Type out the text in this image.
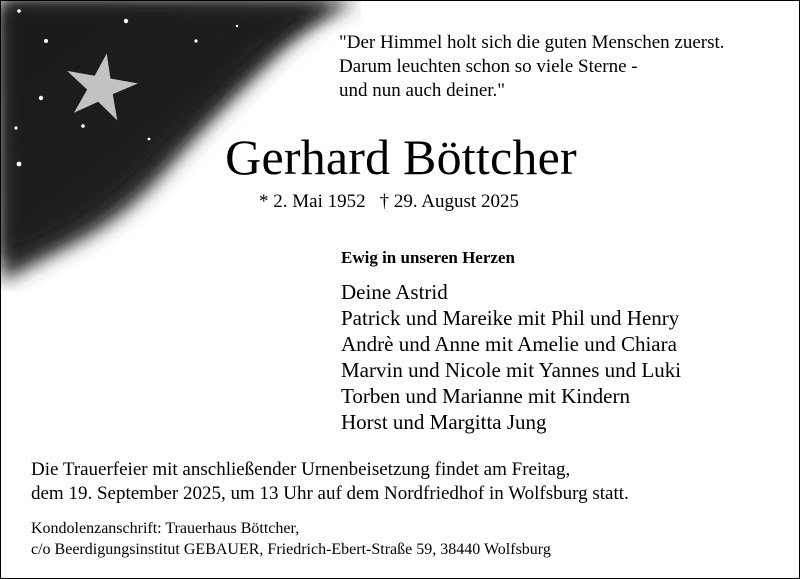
"Der Himmel holt sich die guten Menschen zuerst.
Darum leuchten schon so viele Sterne -
und nun auch deiner."
Gerhard Böttcher
* 2. Mai 1952 † 29. August 2025
Ewig in unseren Herzen
Deine Astrid
Patrick und Mareike mit Phil und Henry
Andrè und Anne mit Amelie und Chiara
Marvin und Nicole mit Yannes und Luki
Torben und Marianne mit Kindern
Horst und Margitta Jung
Die Trauerfeier mit anschließender Urnenbeisetzung findet am Freitag,
dem 19. September 2025, um 13 Uhr auf dem Nordfriedhof in Wolfsburg statt.
Kondolenzanschrift: Trauerhaus Böttcher,
c/o Beerdigungsinstitut GEBAUER, Friedrich-Ebert-Straße 59, 38440 Wolfsburg
